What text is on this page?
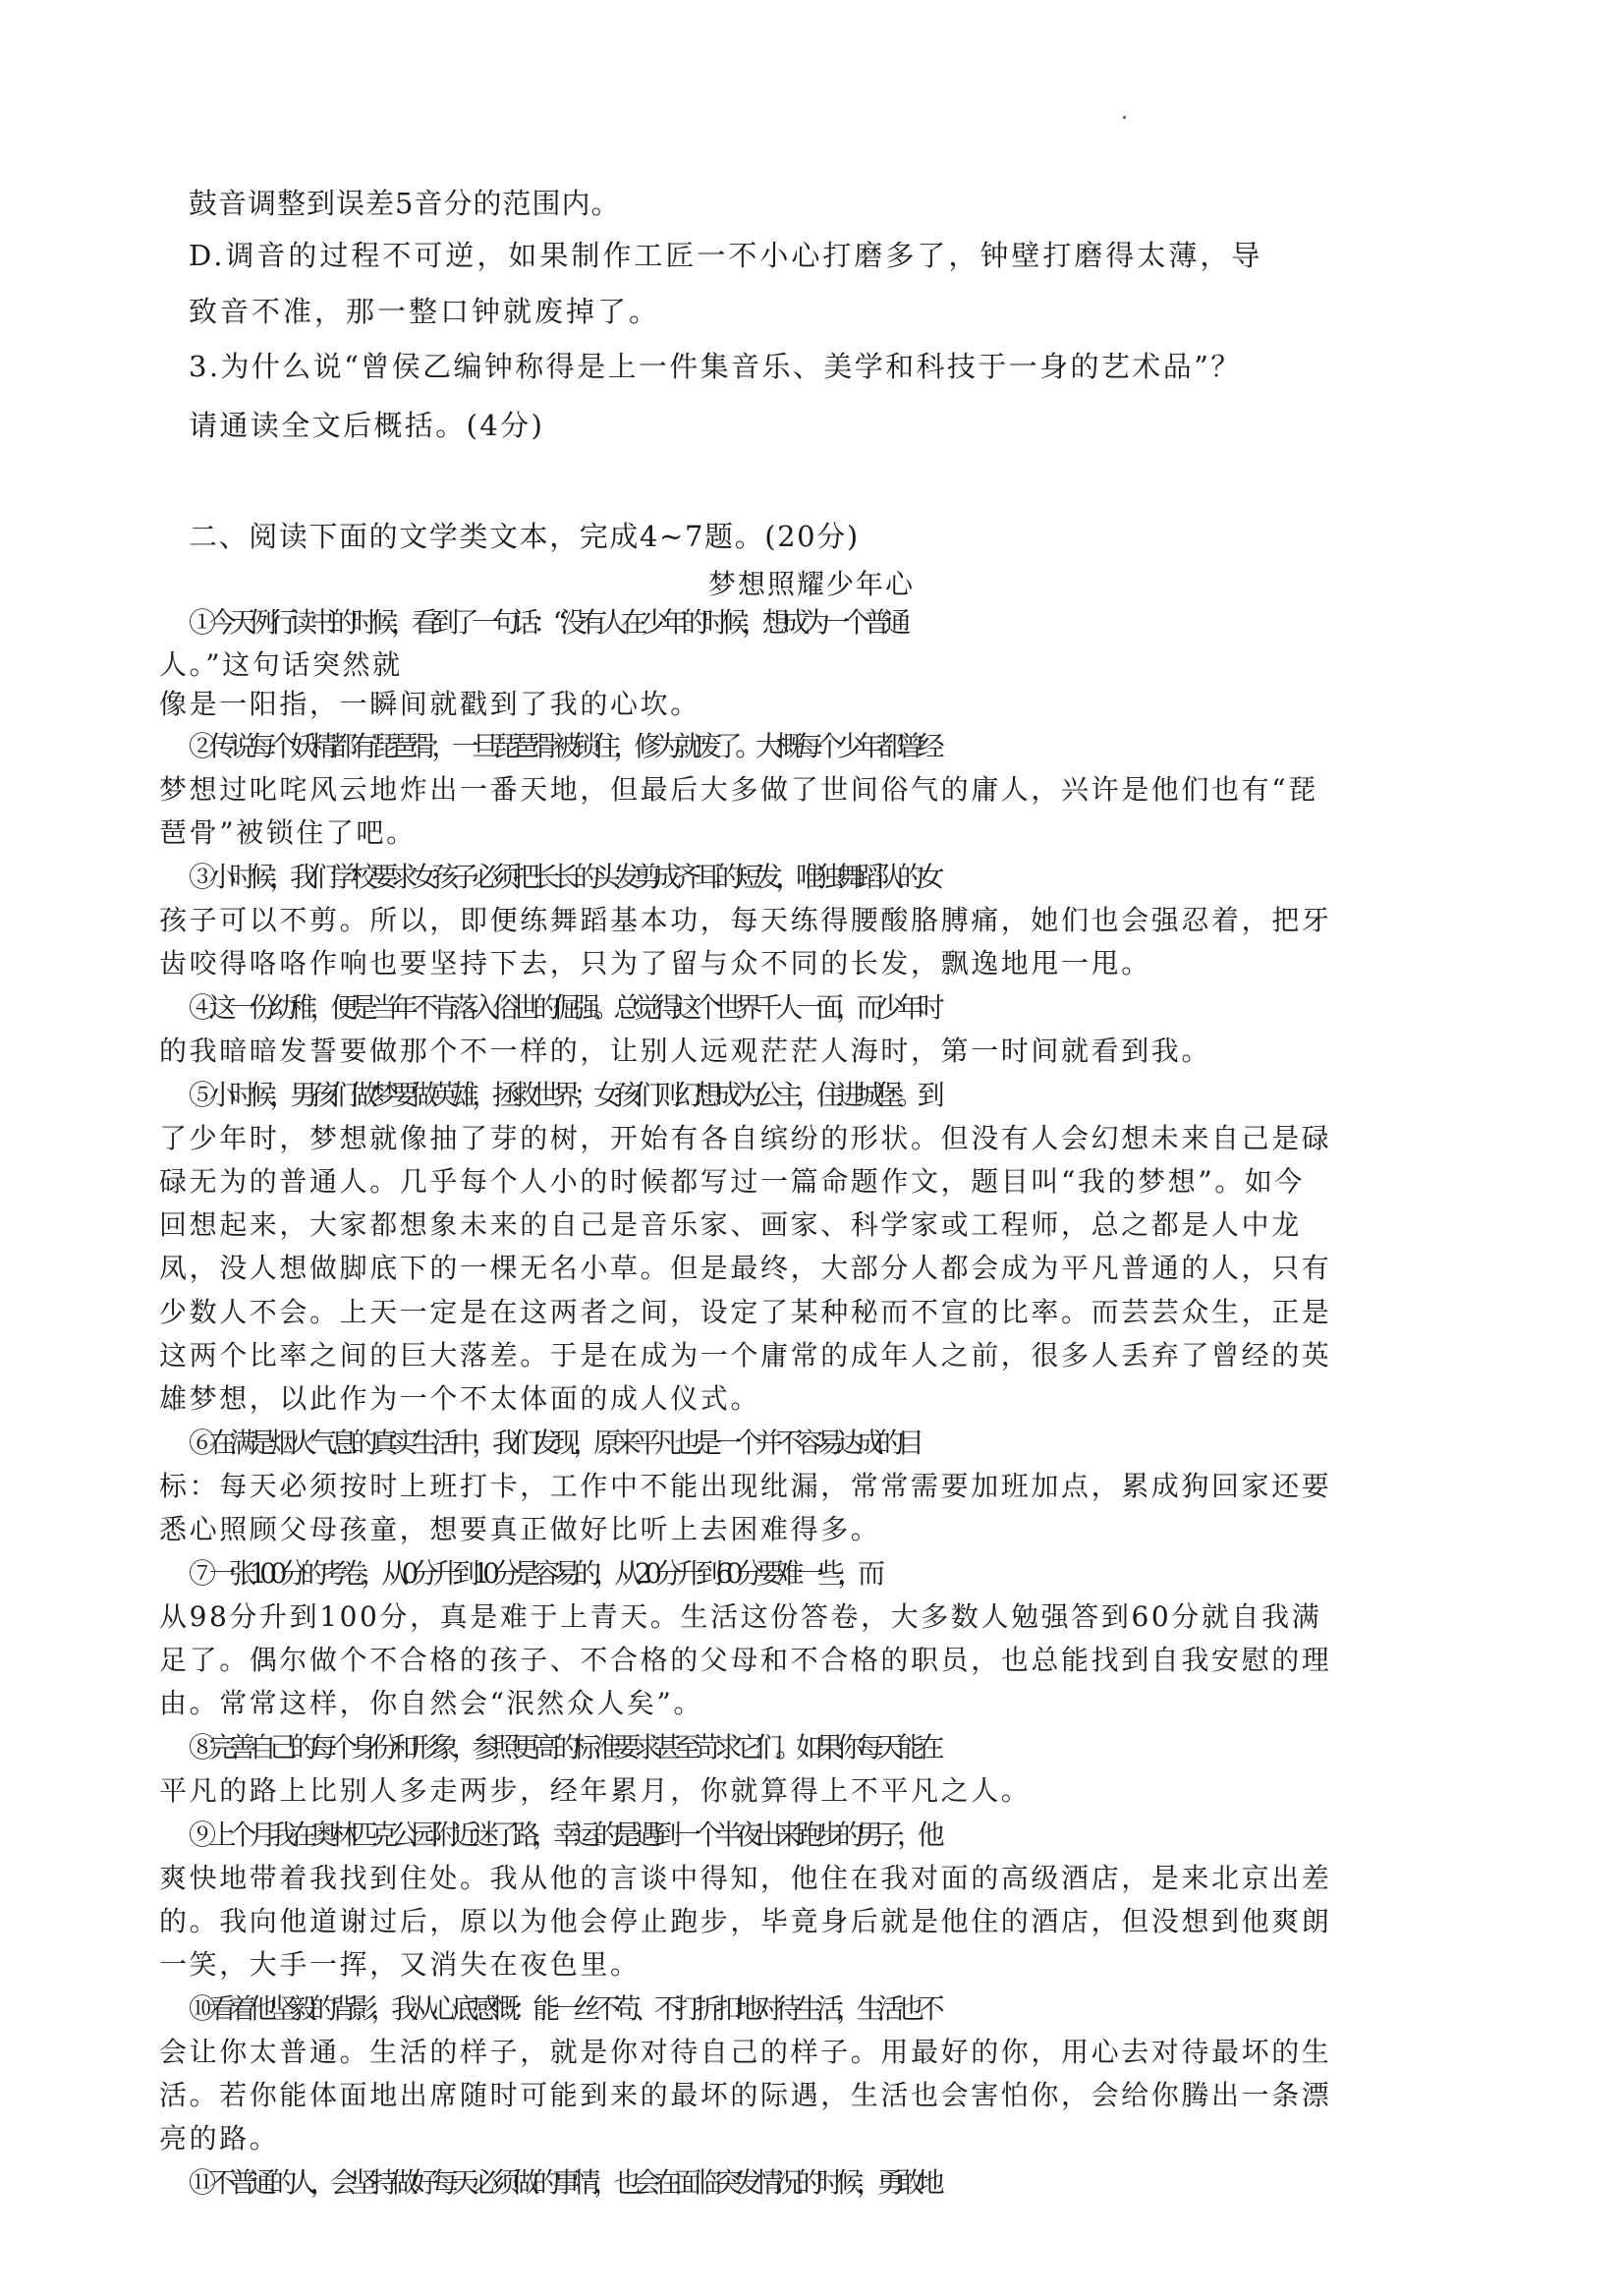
鼓音调整到误差5音分的范围内。
D.调音的过程不可逆，如果制作工匠一不小心打磨多了，钟壁打磨得太薄，导
致音不准，那一整口钟就废掉了。
3.为什么说“曾侯乙编钟称得是上一件集音乐、美学和科技于一身的艺术品”？
请通读全文后概括。(4分)
二、阅读下面的文学类文本，完成4~7题。(20分)
梦想照耀少年心
①今天例行读书的时候，看到了一句话：“没有人在少年的时候，想成为一个普通
人。”这句话突然就
像是一阳指，一瞬间就戳到了我的心坎。
②传说每个妖精都有琵琶骨，一旦琵琶骨被锁住，修为就废了。大概每个少年都曾经
梦想过叱咤风云地炸出一番天地，但最后大多做了世间俗气的庸人，兴许是他们也有“琵
琶骨”被锁住了吧。
③小时候，我们学校要求女孩子必须把长长的头发剪成齐耳的短发，唯独舞蹈队的女
孩子可以不剪。所以，即便练舞蹈基本功，每天练得腰酸胳膊痛，她们也会强忍着，把牙
齿咬得咯咯作响也要坚持下去，只为了留与众不同的长发，飘逸地甩一甩。
④这一份幼稚，便是当年不肯落入俗世的倔强。总觉得这个世界千人一面，而少年时
的我暗暗发誓要做那个不一样的，让别人远观茫茫人海时，第一时间就看到我。
⑤小时候，男孩们做梦要做英雄，拯救世界；女孩们则幻想成为公主，住进城堡。到
了少年时，梦想就像抽了芽的树，开始有各自缤纷的形状。但没有人会幻想未来自己是碌
碌无为的普通人。几乎每个人小的时候都写过一篇命题作文，题目叫“我的梦想”。如今
回想起来，大家都想象未来的自己是音乐家、画家、科学家或工程师，总之都是人中龙
凤，没人想做脚底下的一棵无名小草。但是最终，大部分人都会成为平凡普通的人，只有
少数人不会。上天一定是在这两者之间，设定了某种秘而不宣的比率。而芸芸众生，正是
这两个比率之间的巨大落差。于是在成为一个庸常的成年人之前，很多人丢弃了曾经的英
雄梦想，以此作为一个不太体面的成人仪式。
⑥在满是烟火气息的真实生活中，我们发现，原来平凡也是一个并不容易达成的目
标：每天必须按时上班打卡，工作中不能出现纰漏，常常需要加班加点，累成狗回家还要
悉心照顾父母孩童，想要真正做好比听上去困难得多。
⑦一张100分的考卷，从0分升到10分是容易的，从20分升到60分要难一些，而
从98分升到100分，真是难于上青天。生活这份答卷，大多数人勉强答到60分就自我满
足了。偶尔做个不合格的孩子、不合格的父母和不合格的职员，也总能找到自我安慰的理
由。常常这样，你自然会“泯然众人矣”。
⑧完善自己的每个身份和形象，参照更高的标准要求甚至苛求它们。如果你每天能在
平凡的路上比别人多走两步，经年累月，你就算得上不平凡之人。
⑨上个月我在奥林匹克公园附近迷了路，幸运的是遇到一个半夜出来跑步的男子，他
爽快地带着我找到住处。我从他的言谈中得知，他住在我对面的高级酒店，是来北京出差
的。我向他道谢过后，原以为他会停止跑步，毕竟身后就是他住的酒店，但没想到他爽朗
一笑，大手一挥，又消失在夜色里。
⑩看着他坚毅的背影，我从心底感慨：能一丝不苟、不打折扣地对待生活，生活也不
会让你太普通。生活的样子，就是你对待自己的样子。用最好的你，用心去对待最坏的生
活。若你能体面地出席随时可能到来的最坏的际遇，生活也会害怕你，会给你腾出一条漂
亮的路。
⑪不普通的人，会坚持做好每天必须做的事情，也会在面临突发情况的时候，勇敢地
